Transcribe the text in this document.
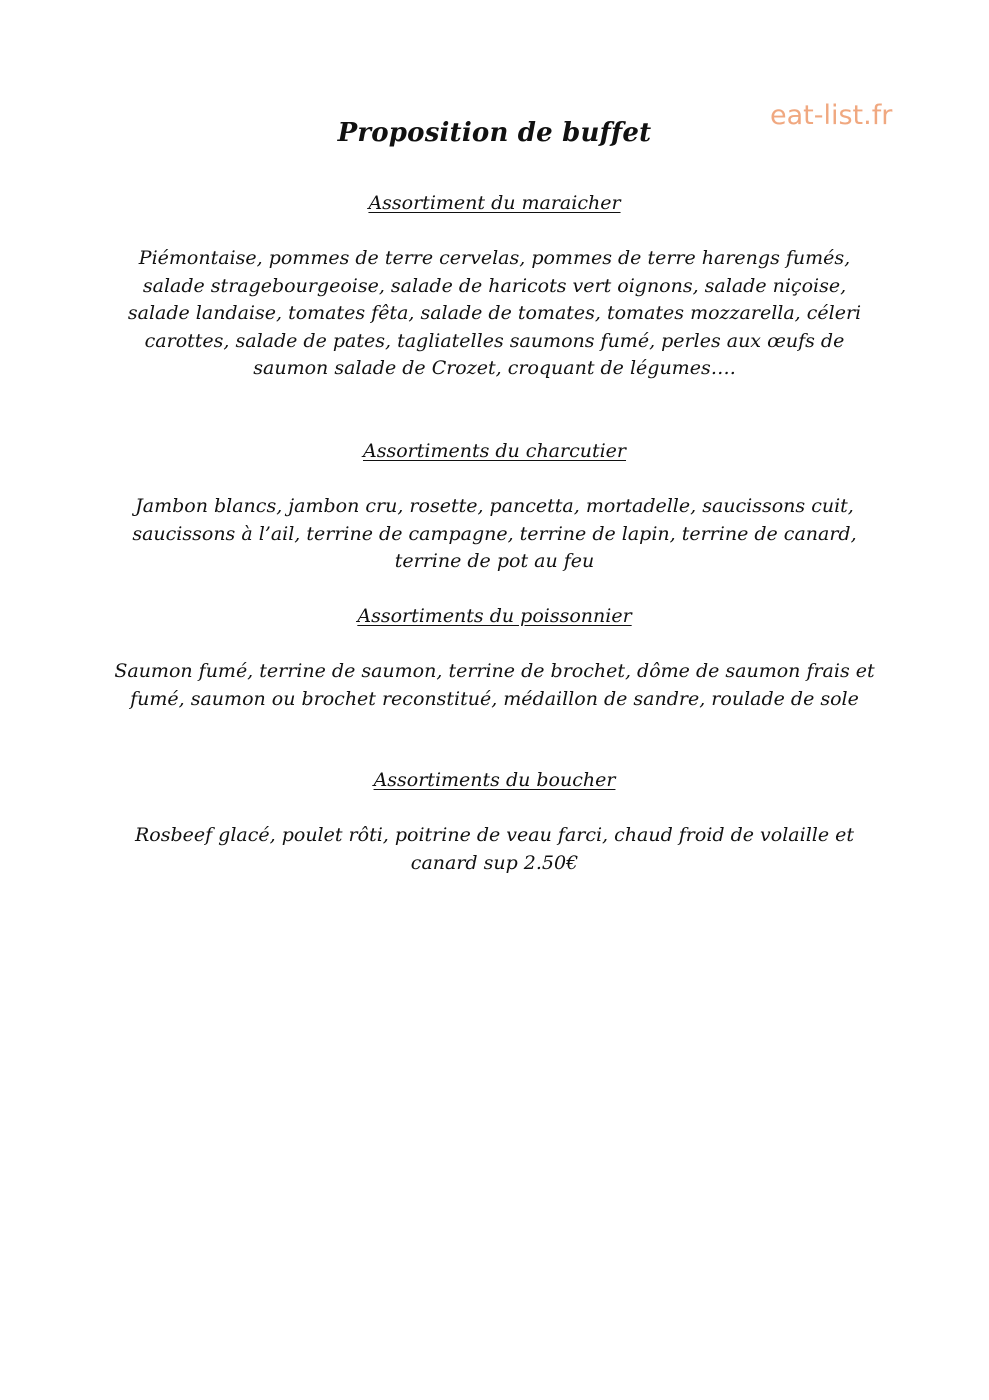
eat-list.fr
Proposition de buffet
Assortiment du maraicher
Piémontaise, pommes de terre cervelas, pommes de terre harengs fumés, salade stragebourgeoise, salade de haricots vert oignons, salade niçoise, salade landaise, tomates fêta, salade de tomates, tomates mozzarella, céleri carottes, salade de pates, tagliatelles saumons fumé, perles aux œufs de saumon salade de Crozet, croquant de légumes….
Assortiments du charcutier
Jambon blancs, jambon cru, rosette, pancetta, mortadelle, saucissons cuit, saucissons à l’ail, terrine de campagne, terrine de lapin, terrine de canard, terrine de pot au feu
Assortiments du poissonnier
Saumon fumé, terrine de saumon, terrine de brochet, dôme de saumon frais et fumé, saumon ou brochet reconstitué, médaillon de sandre, roulade de sole
Assortiments du boucher
Rosbeef glacé, poulet rôti, poitrine de veau farci, chaud froid de volaille et canard sup 2.50€
